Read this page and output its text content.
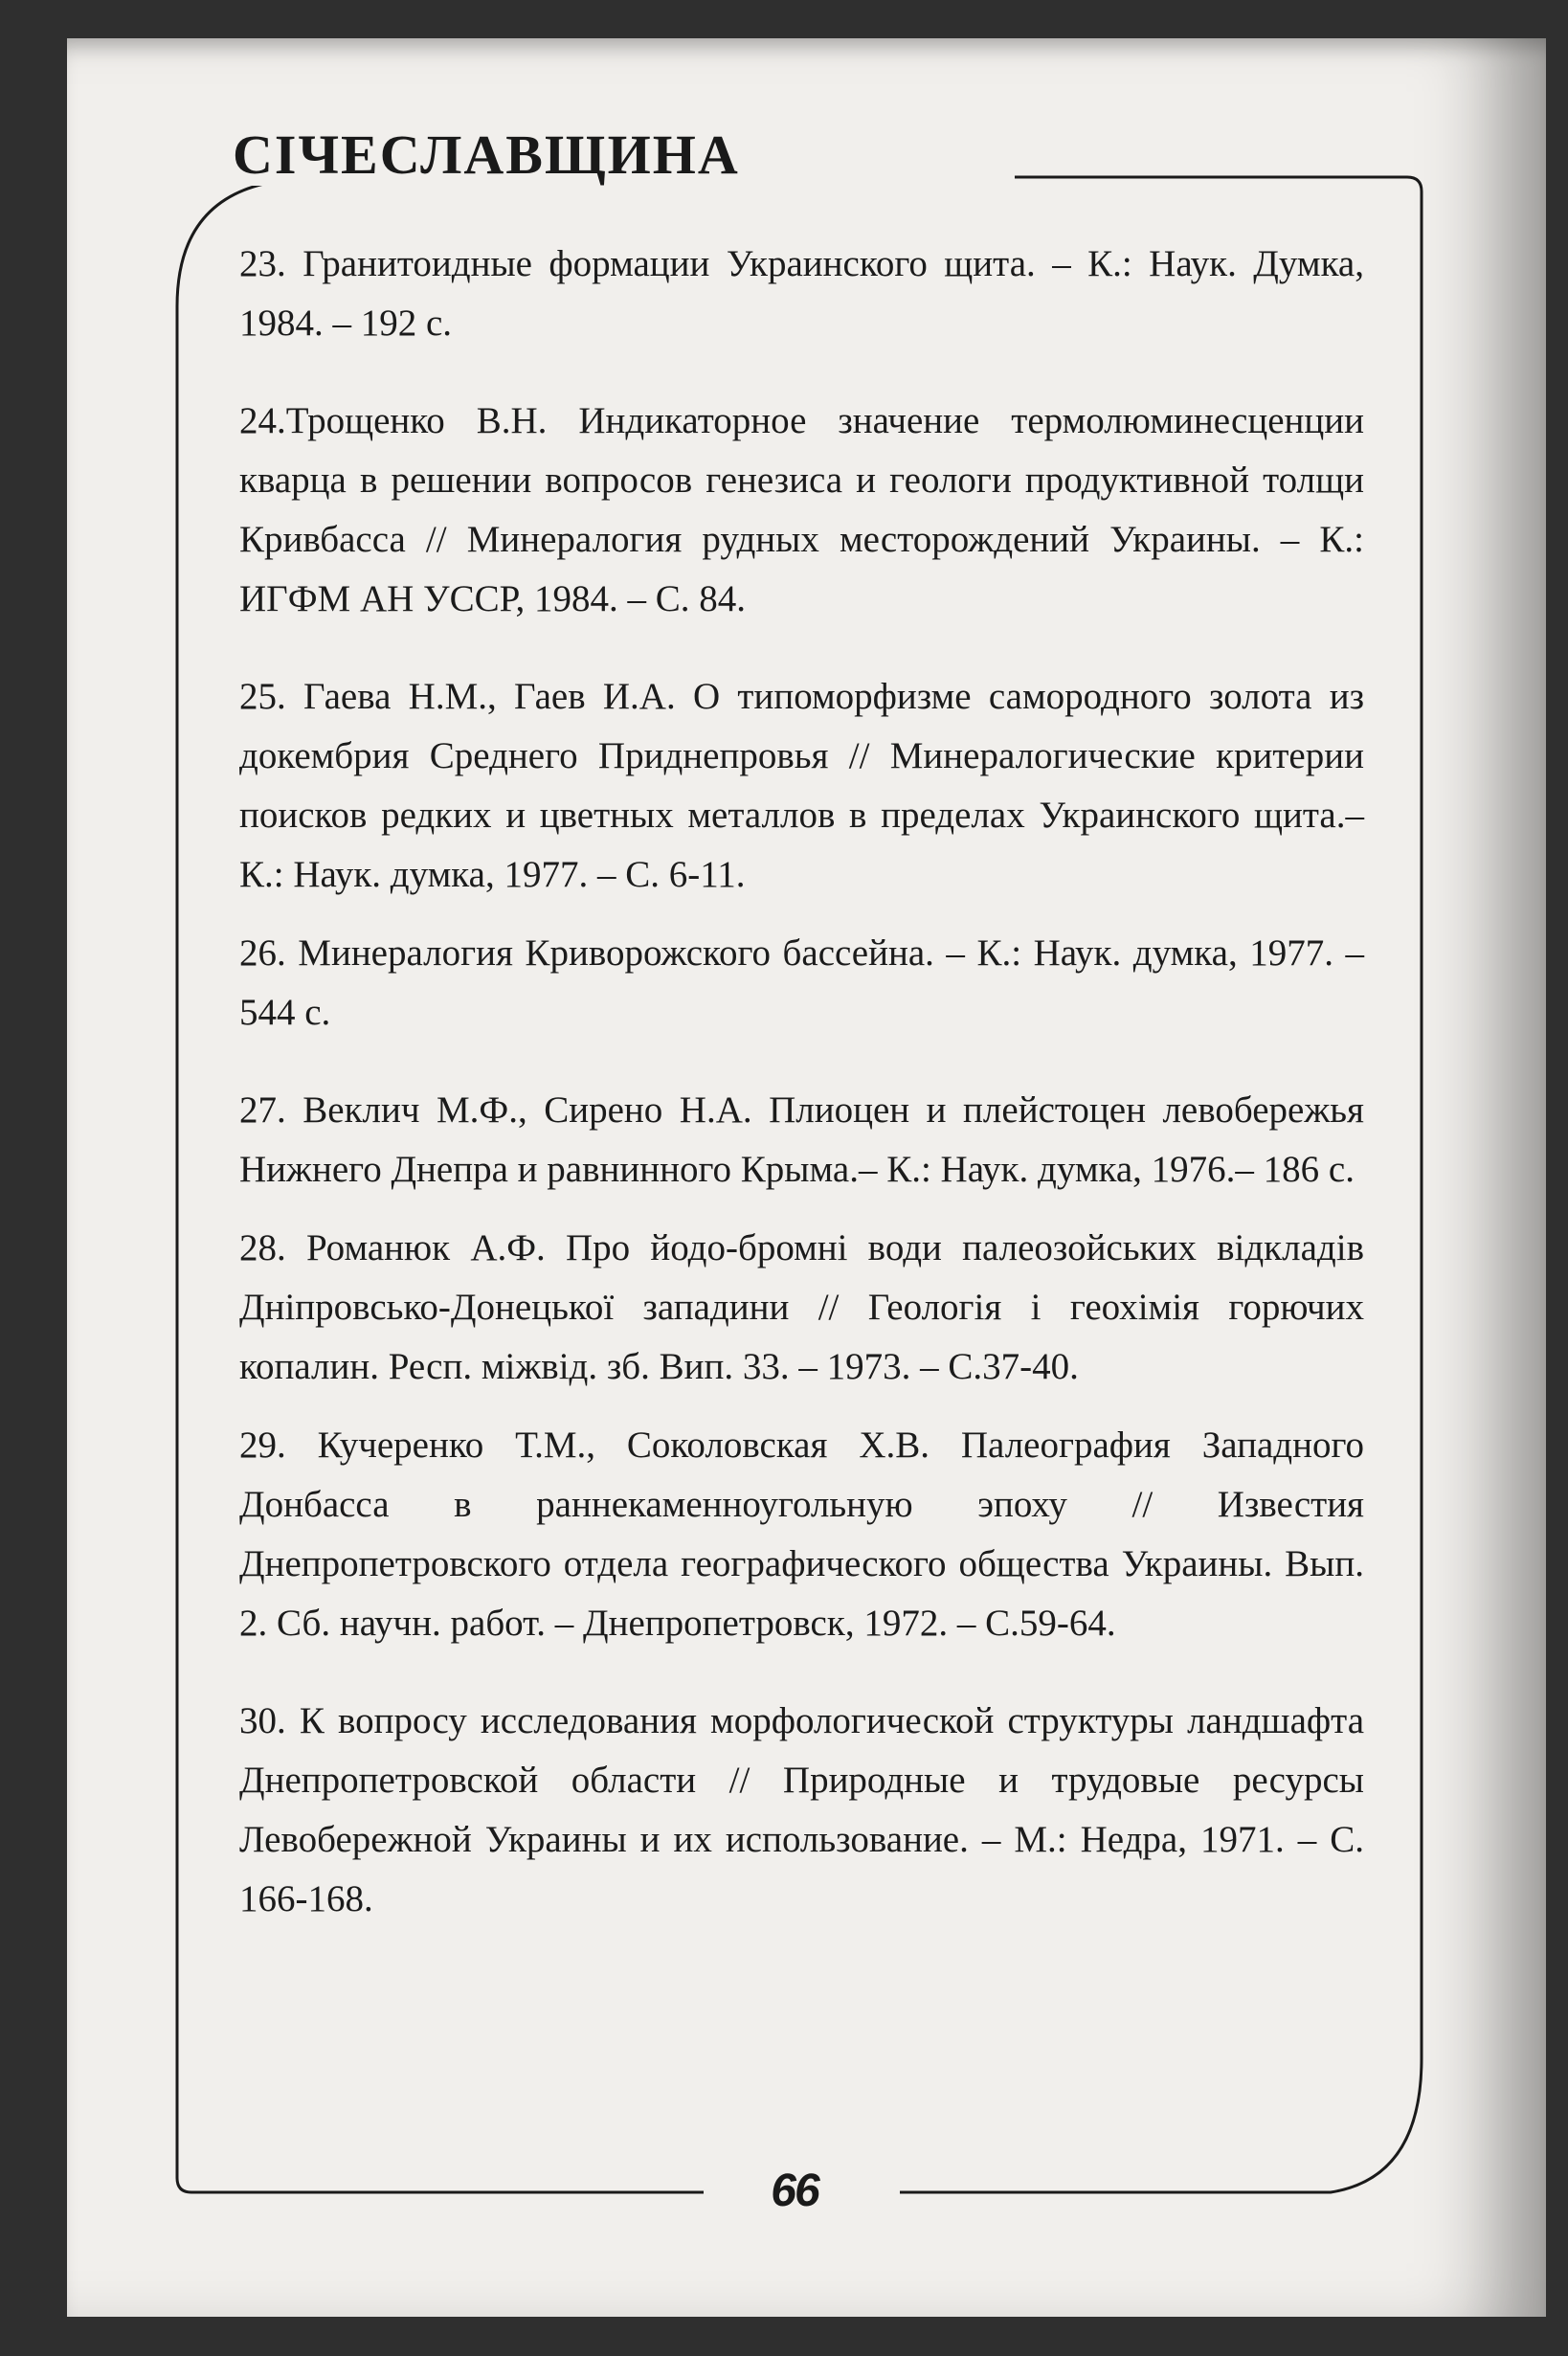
СІЧЕСЛАВЩИНА

23. Гранитоидные формации Украинского щита. – К.: Наук. Думка, 1984. – 192 с.

24.Трощенко В.Н. Индикаторное значение термолюминесценции кварца в решении вопросов генезиса и геологи продуктивной толщи Кривбасса // Минералогия рудных месторождений Украины. – К.: ИГФМ АН УССР, 1984. – С. 84.

25. Гаева Н.М., Гаев И.А. О типоморфизме самородного золота из докембрия Среднего Приднепровья // Минералогические критерии поисков редких и цветных металлов в пределах Украинского щита.– К.: Наук. думка, 1977. – С. 6-11.

26. Минералогия Криворожского бассейна. – К.: Наук. думка, 1977. – 544 с.

27. Веклич М.Ф., Сирено Н.А. Плиоцен и плейстоцен левобережья Нижнего Днепра и равнинного Крыма.– К.: Наук. думка, 1976.– 186 с.

28. Романюк А.Ф. Про йодо-бромні води палеозойських відкладів Дніпровсько-Донецької западини // Геологія і геохімія горючих копалин. Респ. міжвід. зб. Вип. 33. – 1973. – С.37-40.

29. Кучеренко Т.М., Соколовская Х.В. Палеография Западного Донбасса в раннекаменноугольную эпоху // Известия Днепропетровского отдела географического общества Украины. Вып. 2. Сб. научн. работ. – Днепропетровск, 1972. – С.59-64.

30. К вопросу исследования морфологической структуры ландшафта Днепропетровской области // Природные и трудовые ресурсы Левобережной Украины и их использование. – М.: Недра, 1971. – С. 166-168.

66
